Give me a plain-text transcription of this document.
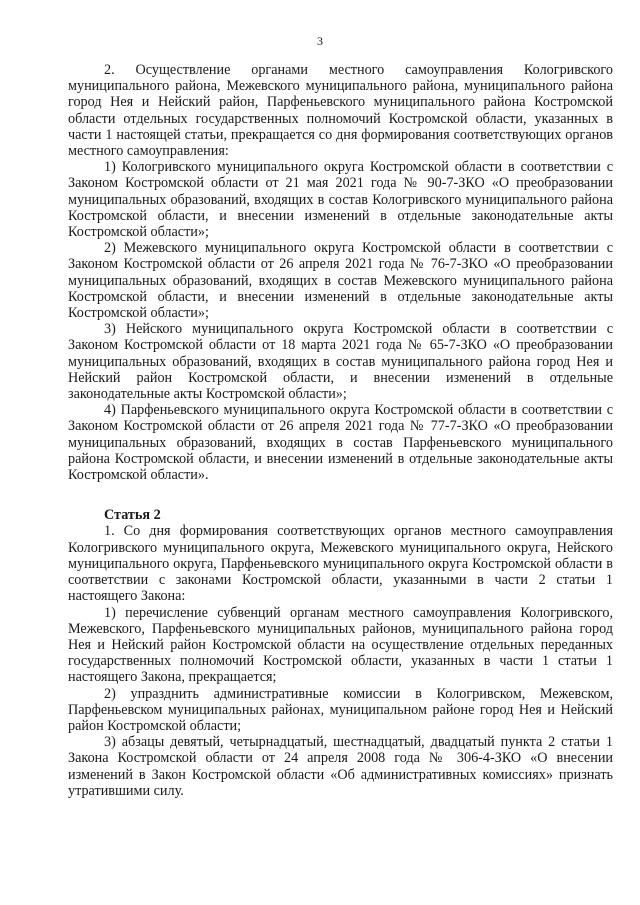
3

2. Осуществление органами местного самоуправления Кологривского муниципального района, Межевского муниципального района, муниципального района город Нея и Нейский район, Парфеньевского муниципального района Костромской области отдельных государственных полномочий Костромской области, указанных в части 1 настоящей статьи, прекращается со дня формирования соответствующих органов местного самоуправления:

1) Кологривского муниципального округа Костромской области в соответствии с Законом Костромской области от 21 мая 2021 года № 90-7-ЗКО «О преобразовании муниципальных образований, входящих в состав Кологривского муниципального района Костромской области, и внесении изменений в отдельные законодательные акты Костромской области»;

2) Межевского муниципального округа Костромской области в соответствии с Законом Костромской области от 26 апреля 2021 года № 76-7-ЗКО «О преобразовании муниципальных образований, входящих в состав Межевского муниципального района Костромской области, и внесении изменений в отдельные законодательные акты Костромской области»;

3) Нейского муниципального округа Костромской области в соответствии с Законом Костромской области от 18 марта 2021 года № 65-7-ЗКО «О преобразовании муниципальных образований, входящих в состав муниципального района город Нея и Нейский район Костромской области, и внесении изменений в отдельные законодательные акты Костромской области»;

4) Парфеньевского муниципального округа Костромской области в соответствии с Законом Костромской области от 26 апреля 2021 года № 77-7-ЗКО «О преобразовании муниципальных образований, входящих в состав Парфеньевского муниципального района Костромской области, и внесении изменений в отдельные законодательные акты Костромской области».

Статья 2

1. Со дня формирования соответствующих органов местного самоуправления Кологривского муниципального округа, Межевского муниципального округа, Нейского муниципального округа, Парфеньевского муниципального округа Костромской области в соответствии с законами Костромской области, указанными в части 2 статьи 1 настоящего Закона:

1) перечисление субвенций органам местного самоуправления Кологривского, Межевского, Парфеньевского муниципальных районов, муниципального района город Нея и Нейский район Костромской области на осуществление отдельных переданных государственных полномочий Костромской области, указанных в части 1 статьи 1 настоящего Закона, прекращается;

2) упразднить административные комиссии в Кологривском, Межевском, Парфеньевском муниципальных районах, муниципальном районе город Нея и Нейский район Костромской области;

3) абзацы девятый, четырнадцатый, шестнадцатый, двадцатый пункта 2 статьи 1 Закона Костромской области от 24 апреля 2008 года № 306-4-ЗКО «О внесении изменений в Закон Костромской области «Об административных комиссиях» признать утратившими силу.
